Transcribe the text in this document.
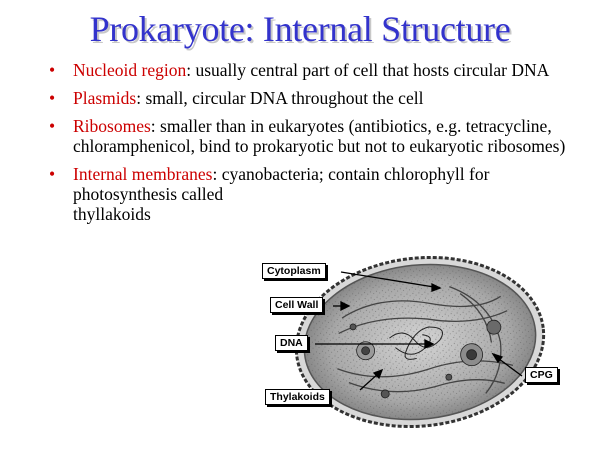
Prokaryote: Internal Structure
• Nucleoid region: usually central part of cell that hosts circular DNA
• Plasmids: small, circular DNA throughout the cell
• Ribosomes: smaller than in eukaryotes (antibiotics, e.g. tetracycline, chloramphenicol, bind to prokaryotic but not to eukaryotic ribosomes)
• Internal membranes: cyanobacteria; contain chlorophyll for
photosynthesis called thyllakoids
Cytoplasm
Cell Wall
DNA
Thylakoids
CPG
